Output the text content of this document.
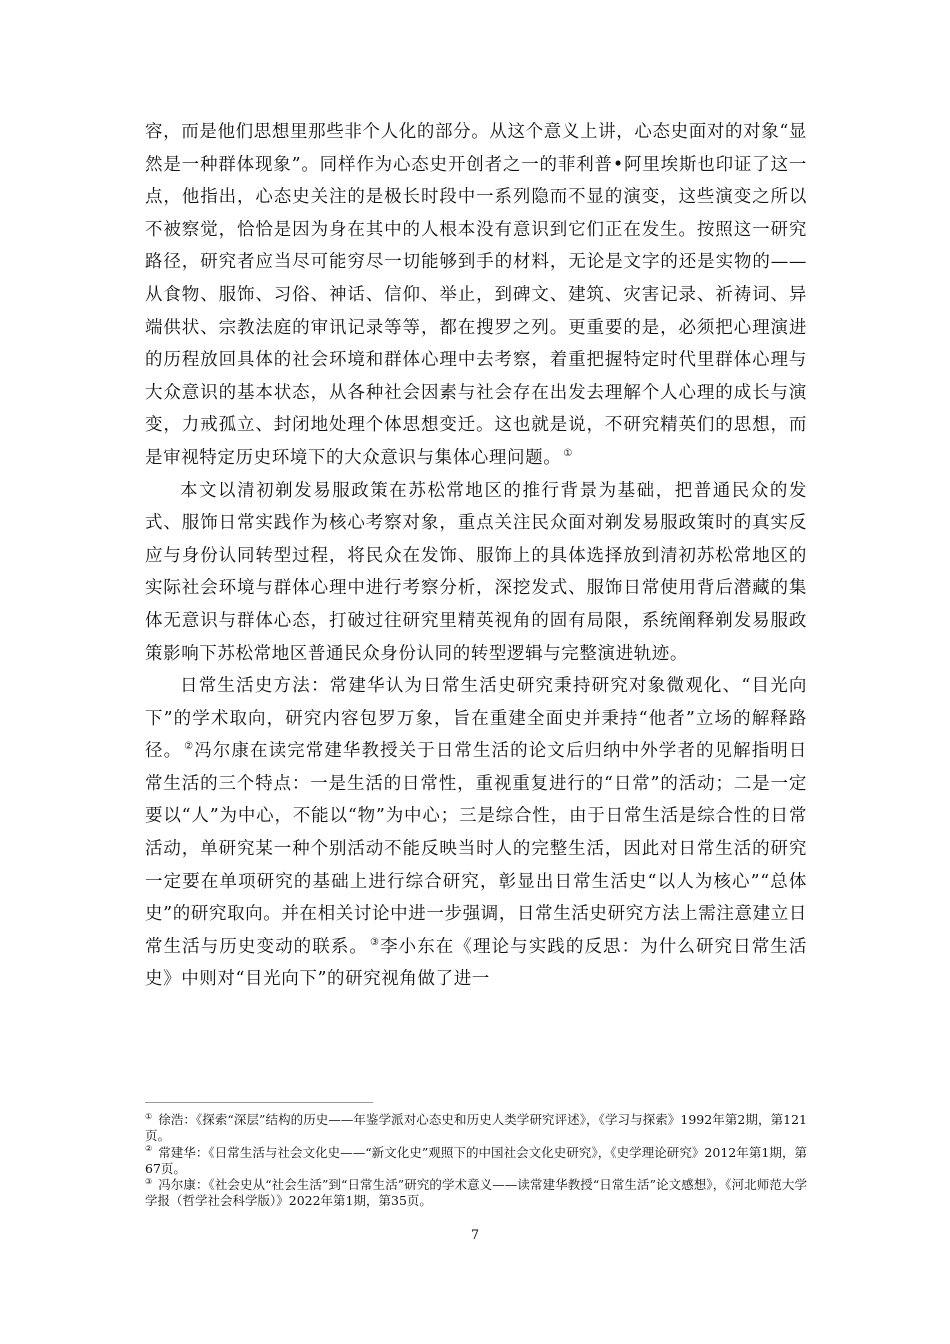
容，而是他们思想里那些非个人化的部分。从这个意义上讲，心态史面对的对象“显然是一种群体现象”。同样作为心态史开创者之一的菲利普•阿里埃斯也印证了这一点，他指出，心态史关注的是极长时段中一系列隐而不显的演变，这些演变之所以不被察觉，恰恰是因为身在其中的人根本没有意识到它们正在发生。按照这一研究路径，研究者应当尽可能穷尽一切能够到手的材料，无论是文字的还是实物的——从食物、服饰、习俗、神话、信仰、举止，到碑文、建筑、灾害记录、祈祷词、异端供状、宗教法庭的审讯记录等等，都在搜罗之列。更重要的是，必须把心理演进的历程放回具体的社会环境和群体心理中去考察，着重把握特定时代里群体心理与大众意识的基本状态，从各种社会因素与社会存在出发去理解个人心理的成长与演变，力戒孤立、封闭地处理个体思想变迁。这也就是说，不研究精英们的思想，而是审视特定历史环境下的大众意识与集体心理问题。 ①

本文以清初剃发易服政策在苏松常地区的推行背景为基础，把普通民众的发式、服饰日常实践作为核心考察对象，重点关注民众面对剃发易服政策时的真实反应与身份认同转型过程，将民众在发饰、服饰上的具体选择放到清初苏松常地区的实际社会环境与群体心理中进行考察分析，深挖发式、服饰日常使用背后潜藏的集体无意识与群体心态，打破过往研究里精英视角的固有局限，系统阐释剃发易服政策影响下苏松常地区普通民众身份认同的转型逻辑与完整演进轨迹。

日常生活史方法：常建华认为日常生活史研究秉持研究对象微观化、“目光向下”的学术取向，研究内容包罗万象，旨在重建全面史并秉持“他者”立场的解释路径。 ②冯尔康在读完常建华教授关于日常生活的论文后归纳中外学者的见解指明日常生活的三个特点：一是生活的日常性，重视重复进行的“日常”的活动；二是一定要以“人”为中心，不能以“物”为中心；三是综合性，由于日常生活是综合性的日常活动，单研究某一种个别活动不能反映当时人的完整生活，因此对日常生活的研究一定要在单项研究的基础上进行综合研究，彰显出日常生活史“以人为核心”“总体史”的研究取向。并在相关讨论中进一步强调，日常生活史研究方法上需注意建立日常生活与历史变动的联系。 ③李小东在《理论与实践的反思：为什么研究日常生活史》中则对“目光向下”的研究视角做了进一

① 徐浩：《探索“深层”结构的历史——年鉴学派对心态史和历史人类学研究评述》，《学习与探索》1992年第2期，第121页。

② 常建华：《日常生活与社会文化史——“新文化史”观照下的中国社会文化史研究》，《史学理论研究》2012年第1期，第67页。

③ 冯尔康：《社会史从“社会生活”到“日常生活”研究的学术意义——读常建华教授“日常生活”论文感想》，《河北师范大学学报（哲学社会科学版）》2022年第1期，第35页。

7
